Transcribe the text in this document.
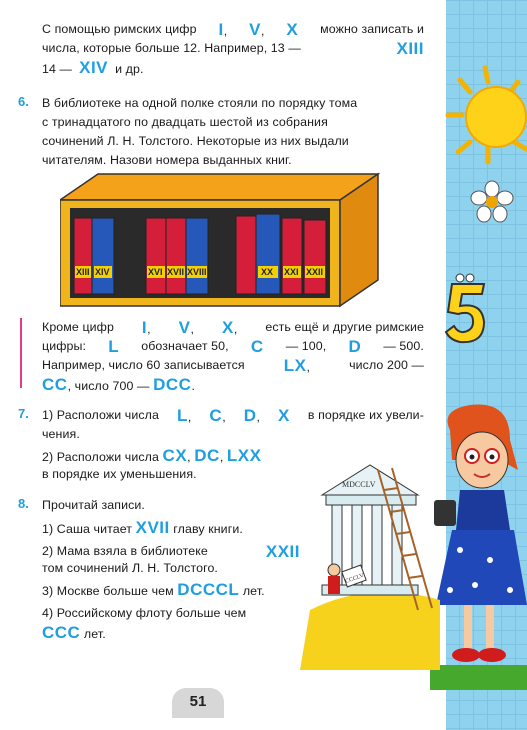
С помощью римских цифр I, V, X можно записать и
числа, которые больше 12. Например, 13 —	XIII
14 — XIV и др.
6. В библиотеке на одной полке стояли по порядку тома
с тринадцатого по двадцать шестой из собрания
сочинений Л. Н. Толстого. Некоторые из них выдали
читателям. Назови номера выданных книг.
XIII XIV	XVI XVII XVIII	XX XXI XXII
Кроме цифр I, V, X, есть ещё и другие римские
цифры: L обозначает 50, C — 100, D — 500.
Например, число 60 записывается LX,	число 200 —
CC, число 700 — DCC.
7. 1) Расположи числа L, C, D, X в порядке их увели-
чения.
2) Расположи числа CX, DC, LXX
в порядке их уменьшения.
MDCCLV
CCCLV
8. Прочитай записи.
1) Саша читает XVII главу книги.
2) Мама взяла в библиотеке	XXII
том сочинений Л. Н. Толстого.
3) Москве больше чем DCCCL лет.
4) Российскому флоту больше чем
CCC лет.
51
